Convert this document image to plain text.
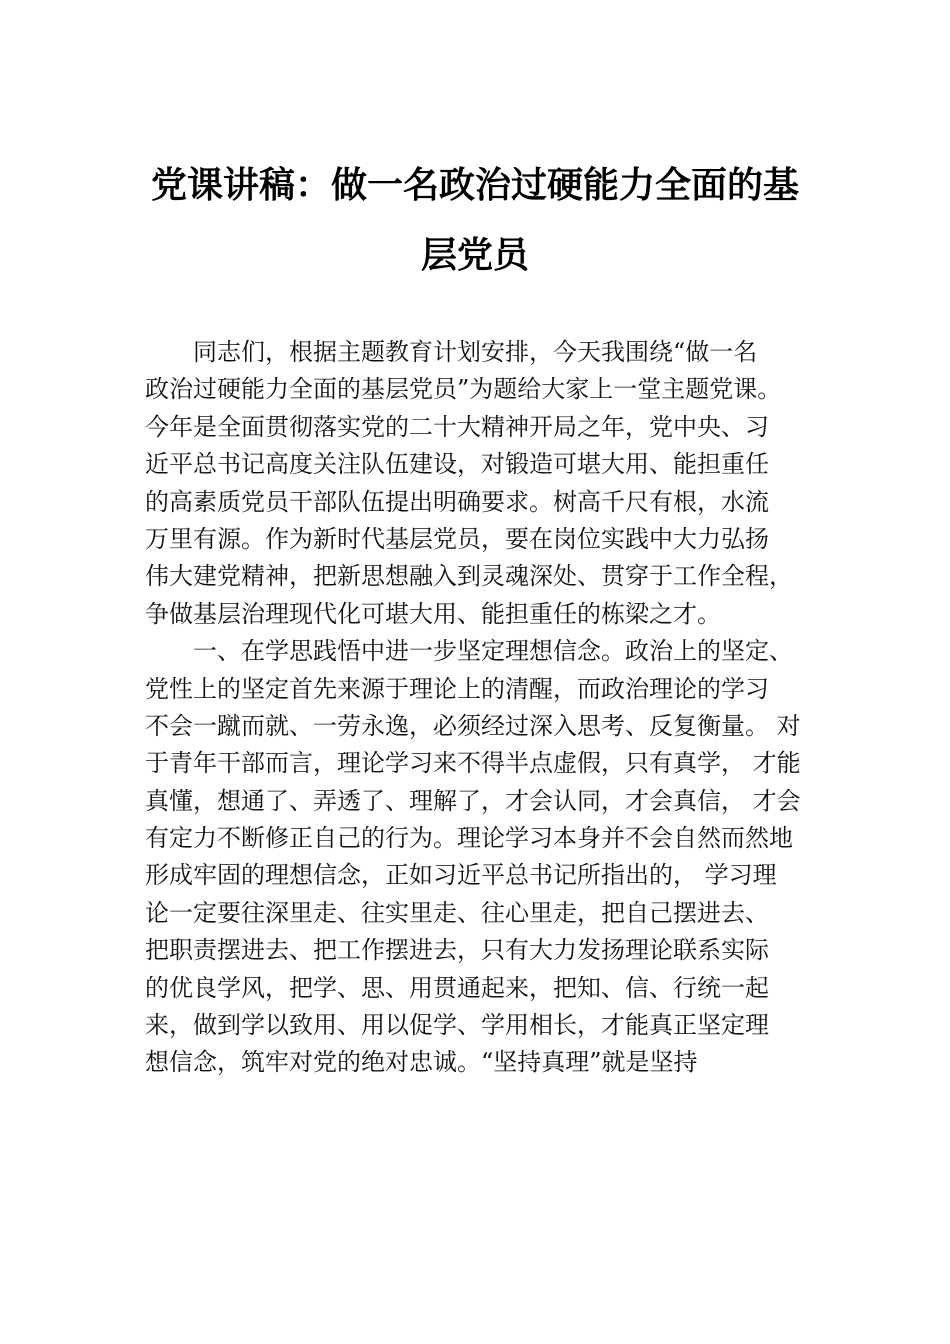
党课讲稿：做一名政治过硬能力全面的基
层党员
　　同志们，根据主题教育计划安排，今天我围绕“做一名
政治过硬能力全面的基层党员”为题给大家上一堂主题党课。
今年是全面贯彻落实党的二十大精神开局之年，党中央、习
近平总书记高度关注队伍建设，对锻造可堪大用、能担重任
的高素质党员干部队伍提出明确要求。树高千尺有根，水流
万里有源。作为新时代基层党员，要在岗位实践中大力弘扬
伟大建党精神，把新思想融入到灵魂深处、贯穿于工作全程，
争做基层治理现代化可堪大用、能担重任的栋梁之才。
　　一、在学思践悟中进一步坚定理想信念。政治上的坚定、
党性上的坚定首先来源于理论上的清醒，而政治理论的学习
不会一蹴而就、一劳永逸，必须经过深入思考、反复衡量。 对
于青年干部而言，理论学习来不得半点虚假，只有真学， 才能
真懂，想通了、弄透了、理解了，才会认同，才会真信， 才会
有定力不断修正自己的行为。理论学习本身并不会自然而然地
形成牢固的理想信念，正如习近平总书记所指出的， 学习理
论一定要往深里走、往实里走、往心里走，把自己摆进去、
把职责摆进去、把工作摆进去，只有大力发扬理论联系实际
的优良学风，把学、思、用贯通起来，把知、信、行统一起
来，做到学以致用、用以促学、学用相长，才能真正坚定理
想信念，筑牢对党的绝对忠诚。“坚持真理”就是坚持
